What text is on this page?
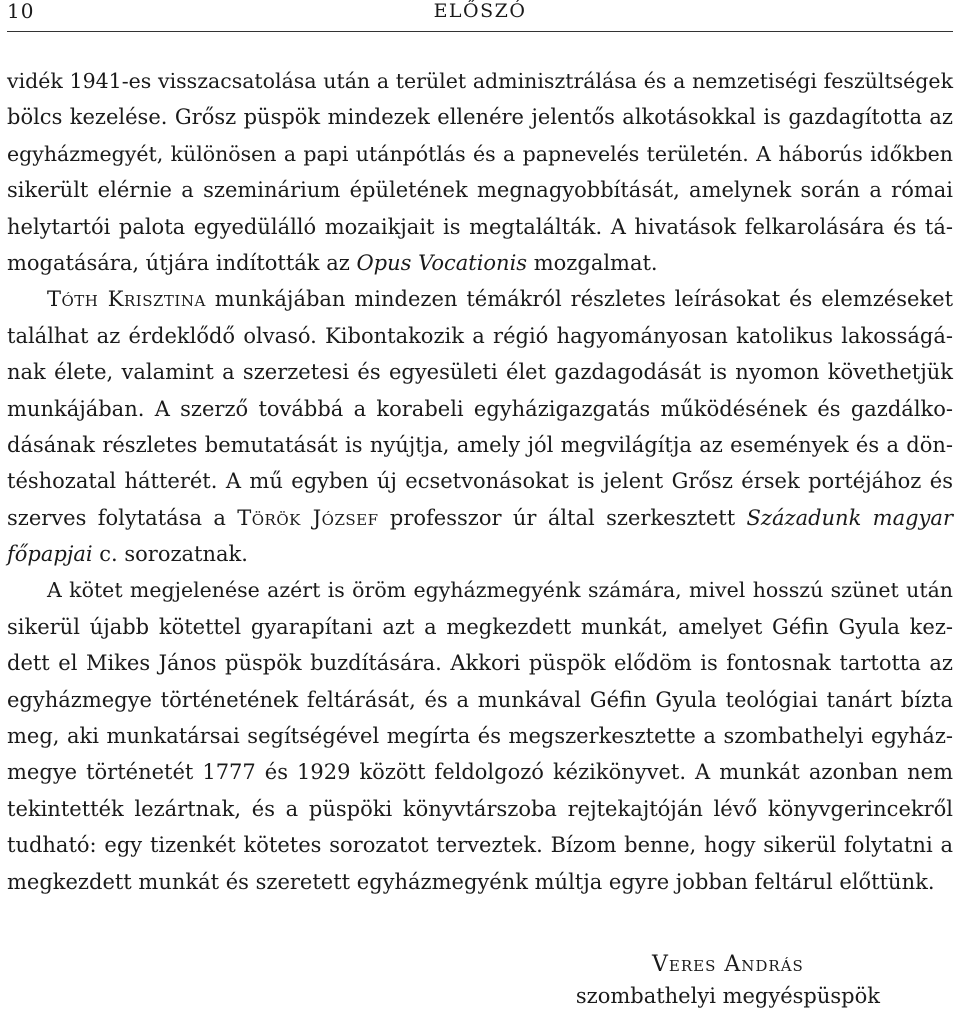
10	ELŐSZÓ
vidék 1941-es visszacsatolása után a terület adminisztrálása és a nemzetiségi feszültségek
bölcs kezelése. Grősz püspök mindezek ellenére jelentős alkotásokkal is gazdagította az
egyházmegyét, különösen a papi utánpótlás és a papnevelés területén. A háborús időkben
sikerült elérnie a szeminárium épületének megnagyobbítását, amelynek során a római
helytartói palota egyedülálló mozaikjait is megtalálták. A hivatások felkarolására és tá-
mogatására, útjára indították az Opus Vocationis mozgalmat.
Tóth Krisztina munkájában mindezen témákról részletes leírásokat és elemzéseket
találhat az érdeklődő olvasó. Kibontakozik a régió hagyományosan katolikus lakosságá-
nak élete, valamint a szerzetesi és egyesületi élet gazdagodását is nyomon követhetjük
munkájában. A szerző továbbá a korabeli egyházigazgatás működésének és gazdálko-
dásának részletes bemutatását is nyújtja, amely jól megvilágítja az események és a dön-
téshozatal hátterét. A mű egyben új ecsetvonásokat is jelent Grősz érsek portéjához és
szerves folytatása a Török József professzor úr által szerkesztett Századunk magyar
főpapjai c. sorozatnak.
A kötet megjelenése azért is öröm egyházmegyénk számára, mivel hosszú szünet után
sikerül újabb kötettel gyarapítani azt a megkezdett munkát, amelyet Géfin Gyula kez-
dett el Mikes János püspök buzdítására. Akkori püspök elődöm is fontosnak tartotta az
egyházmegye történetének feltárását, és a munkával Géfin Gyula teológiai tanárt bízta
meg, aki munkatársai segítségével megírta és megszerkesztette a szombathelyi egyház-
megye történetét 1777 és 1929 között feldolgozó kézikönyvet. A munkát azonban nem
tekintették lezártnak, és a püspöki könyvtárszoba rejtekajtóján lévő könyvgerincekről
tudható: egy tizenkét kötetes sorozatot terveztek. Bízom benne, hogy sikerül folytatni a
megkezdett munkát és szeretett egyházmegyénk múltja egyre jobban feltárul előttünk.
Veres András
szombathelyi megyéspüspök
